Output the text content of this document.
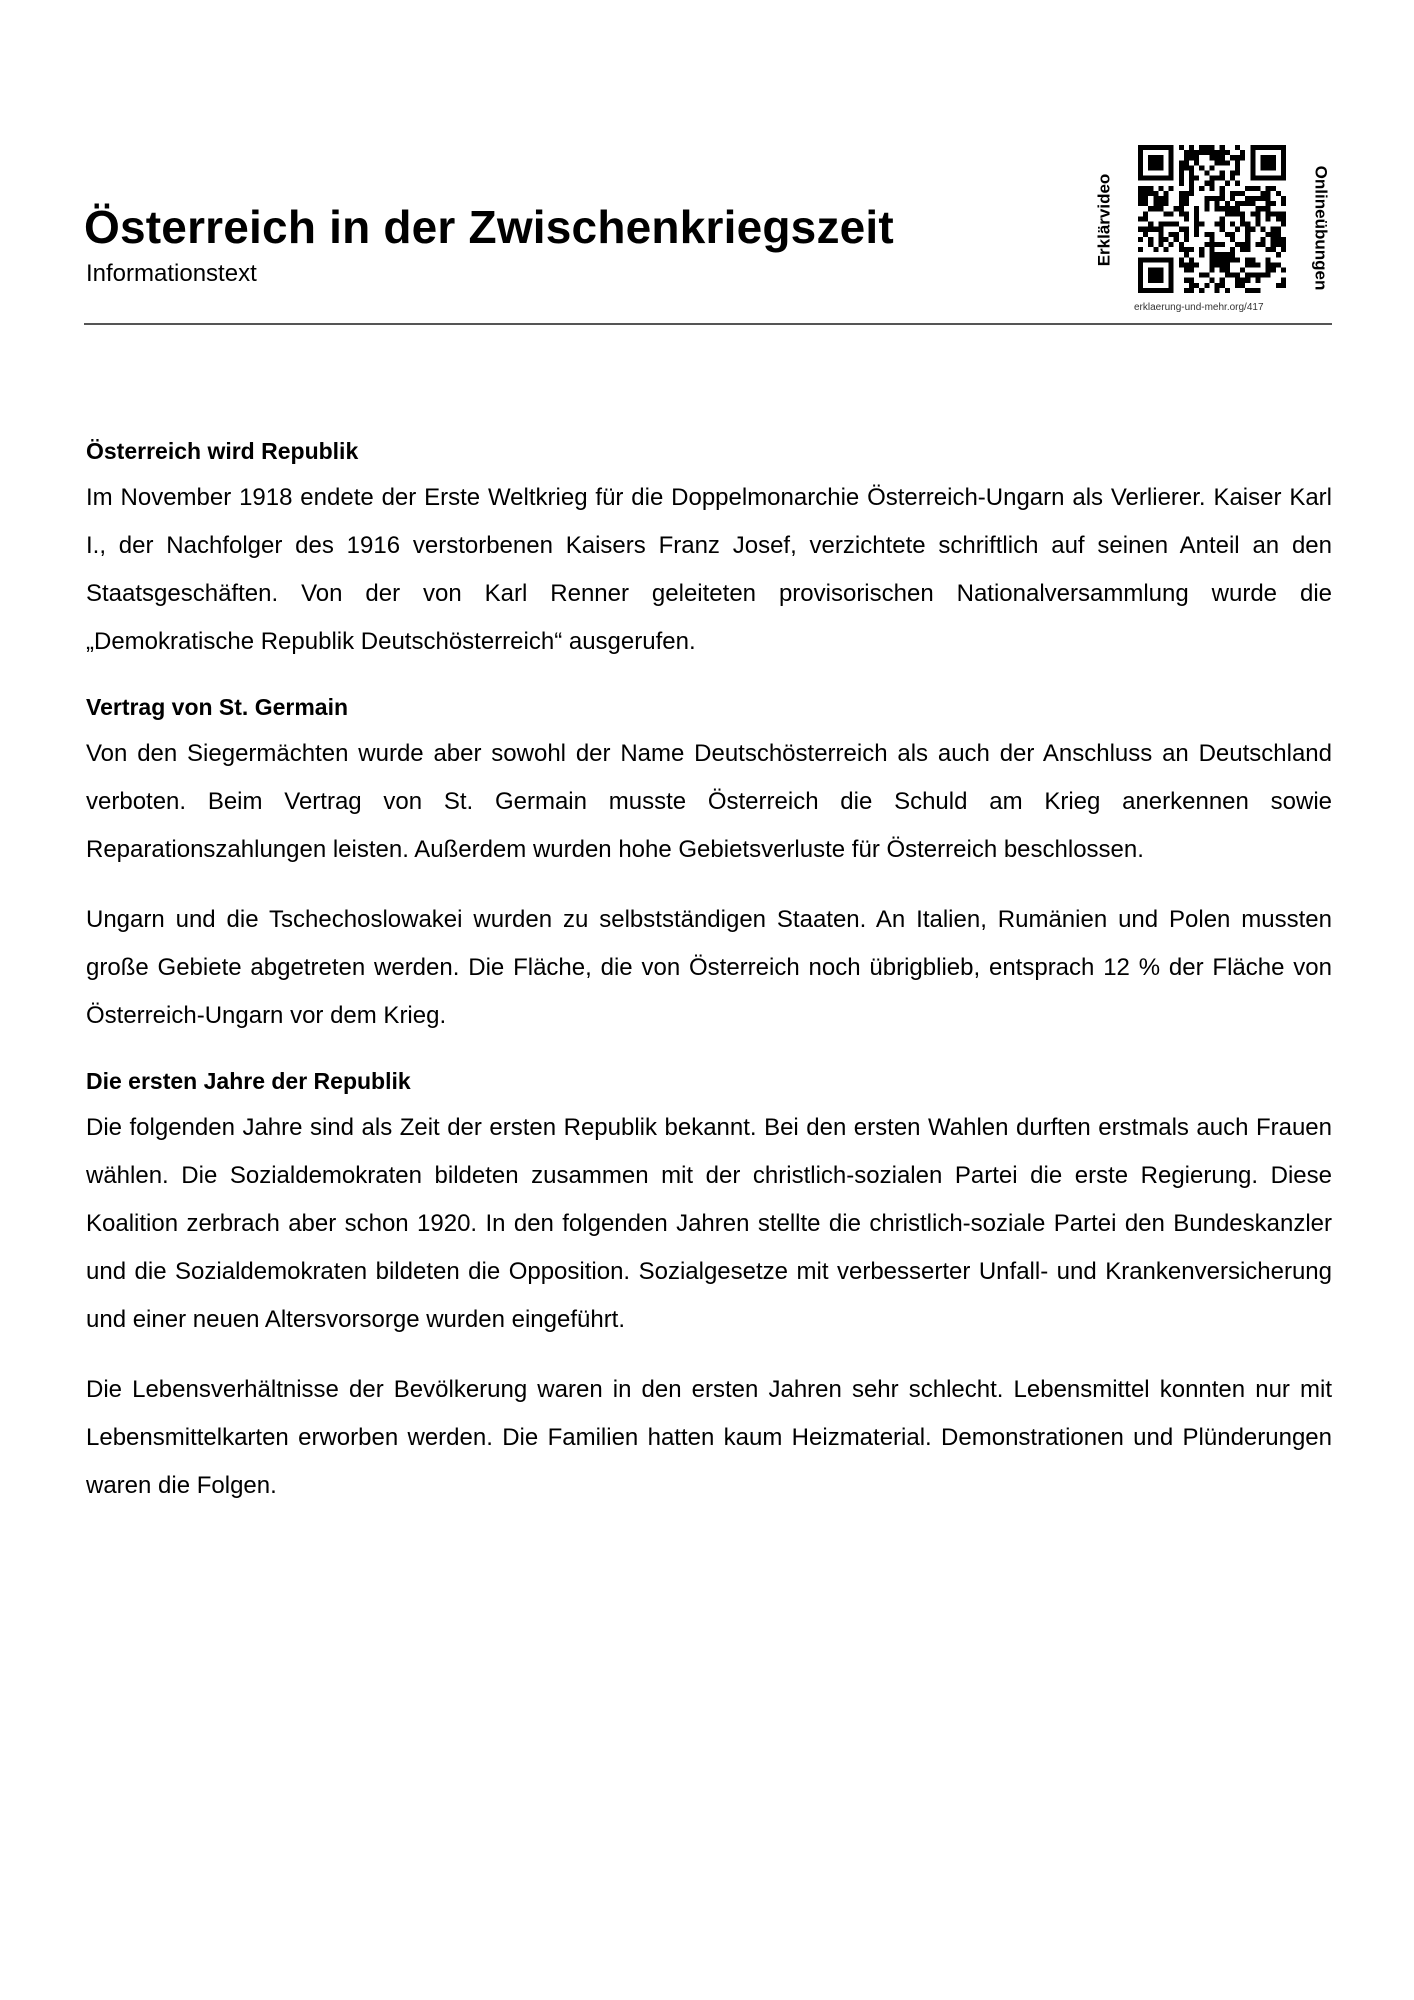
Österreich in der Zwischenkriegszeit
Informationstext
Erklärvideo	Onlineübungen
erklaerung-und-mehr.org/417
Österreich wird Republik

Im November 1918 endete der Erste Weltkrieg für die Doppelmonarchie Österreich-Ungarn als Verlierer. Kaiser Karl I., der Nachfolger des 1916 verstorbenen Kaisers Franz Josef, verzichtete schriftlich auf seinen Anteil an den Staatsgeschäften. Von der von Karl Renner geleiteten provisorischen Nationalversammlung wurde die „Demokratische Republik Deutschösterreich“ ausgerufen.

Vertrag von St. Germain

Von den Siegermächten wurde aber sowohl der Name Deutschösterreich als auch der Anschluss an Deutschland verboten. Beim Vertrag von St. Germain musste Österreich die Schuld am Krieg anerkennen sowie Reparationszahlungen leisten. Außerdem wurden hohe Gebietsverluste für Österreich beschlossen.

Ungarn und die Tschechoslowakei wurden zu selbstständigen Staaten. An Italien, Rumänien und Polen mussten große Gebiete abgetreten werden. Die Fläche, die von Österreich noch übrigblieb, entsprach 12 % der Fläche von Österreich-Ungarn vor dem Krieg.

Die ersten Jahre der Republik

Die folgenden Jahre sind als Zeit der ersten Republik bekannt. Bei den ersten Wahlen durften erstmals auch Frauen wählen. Die Sozialdemokraten bildeten zusammen mit der christlich-sozialen Partei die erste Regierung. Diese Koalition zerbrach aber schon 1920. In den folgenden Jahren stellte die christlich-soziale Partei den Bundeskanzler und die Sozialdemokraten bildeten die Opposition. Sozialgesetze mit verbesserter Unfall- und Krankenversicherung und einer neuen Altersvorsorge wurden eingeführt.

Die Lebensverhältnisse der Bevölkerung waren in den ersten Jahren sehr schlecht. Lebensmittel konnten nur mit Lebensmittelkarten erworben werden. Die Familien hatten kaum Heizmaterial. Demonstrationen und Plünderungen waren die Folgen.
